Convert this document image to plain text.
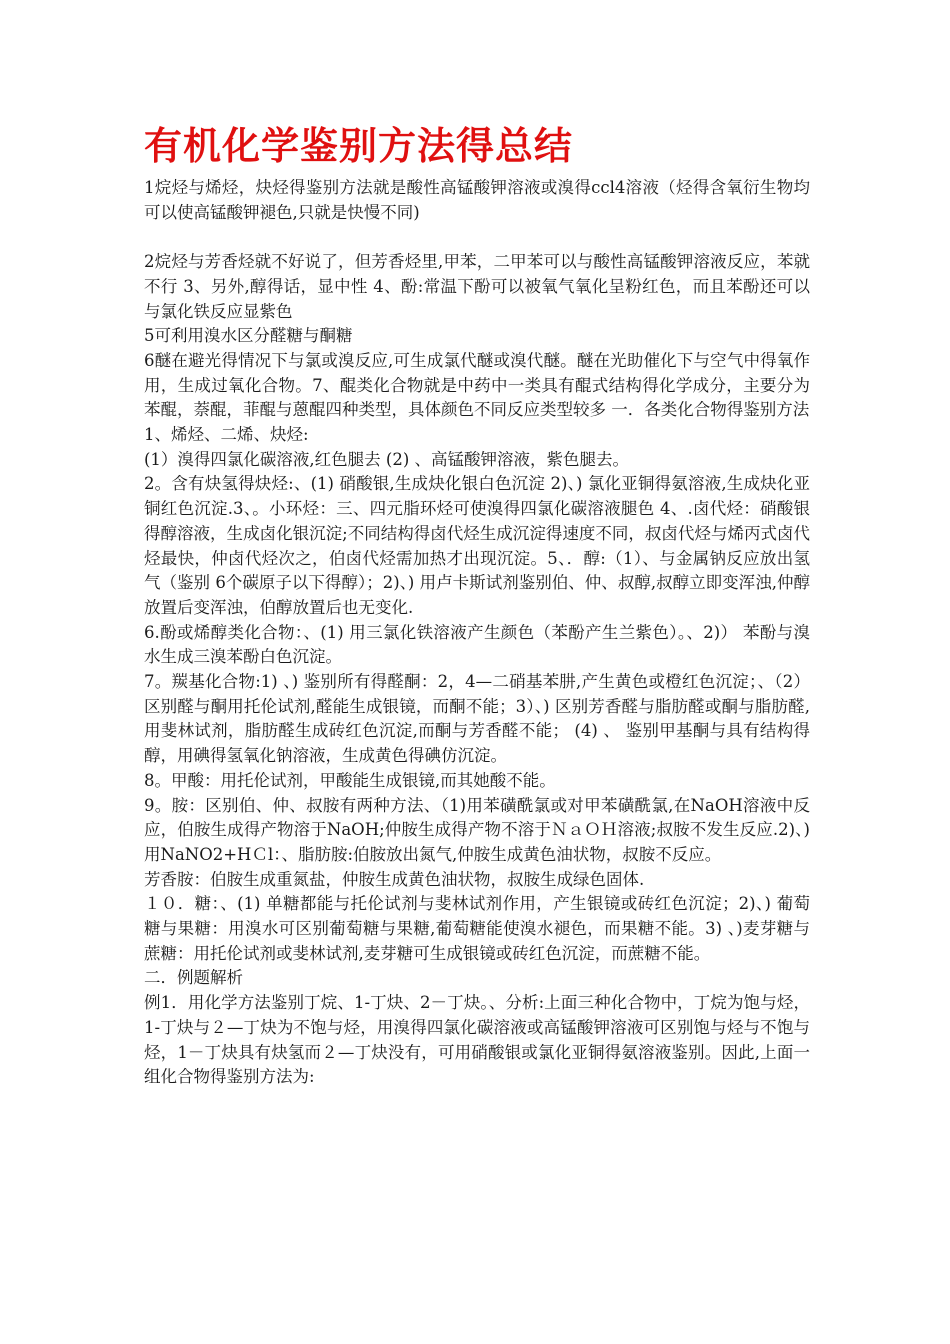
有机化学鉴别方法得总结

1烷烃与烯烃，炔烃得鉴别方法就是酸性高锰酸钾溶液或溴得ccl4溶液（烃得含氧衍生物均可以使高锰酸钾褪色,只就是快慢不同)

2烷烃与芳香烃就不好说了，但芳香烃里,甲苯，二甲苯可以与酸性高锰酸钾溶液反应，苯就不行 3、另外,醇得话，显中性 4、酚:常温下酚可以被氧气氧化呈粉红色，而且苯酚还可以与氯化铁反应显紫色

5可利用溴水区分醛糖与酮糖

6醚在避光得情况下与氯或溴反应,可生成氯代醚或溴代醚。醚在光助催化下与空气中得氧作用，生成过氧化合物。7、醌类化合物就是中药中一类具有醌式结构得化学成分，主要分为苯醌，萘醌，菲醌与蒽醌四种类型，具体颜色不同反应类型较多 一．各类化合物得鉴别方法

1、烯烃、二烯、炔烃:

(1）溴得四氯化碳溶液,红色腿去 (2) 、高锰酸钾溶液，紫色腿去。

2。含有炔氢得炔烃:、(1) 硝酸银,生成炔化银白色沉淀 2)、) 氯化亚铜得氨溶液,生成炔化亚铜红色沉淀.3、。小环烃：三、四元脂环烃可使溴得四氯化碳溶液腿色 4、.卤代烃：硝酸银得醇溶液，生成卤化银沉淀;不同结构得卤代烃生成沉淀得速度不同，叔卤代烃与烯丙式卤代烃最快，仲卤代烃次之，伯卤代烃需加热才出现沉淀。5、．醇:（1）、与金属钠反应放出氢气（鉴别 6个碳原子以下得醇）；2)、) 用卢卡斯试剂鉴别伯、仲、叔醇,叔醇立即变浑浊,仲醇放置后变浑浊，伯醇放置后也无变化.

6.酚或烯醇类化合物：、(1) 用三氯化铁溶液产生颜色（苯酚产生兰紫色）。、2)） 苯酚与溴水生成三溴苯酚白色沉淀。

7。羰基化合物:1) 、) 鉴别所有得醛酮：2，4—二硝基苯肼,产生黄色或橙红色沉淀；、（2）区别醛与酮用托伦试剂,醛能生成银镜，而酮不能；3）、) 区别芳香醛与脂肪醛或酮与脂肪醛,用斐林试剂，脂肪醛生成砖红色沉淀,而酮与芳香醛不能； (4) 、 鉴别甲基酮与具有结构得醇，用碘得氢氧化钠溶液，生成黄色得碘仿沉淀。

8。甲酸：用托伦试剂，甲酸能生成银镜,而其她酸不能。

9。胺：区别伯、仲、叔胺有两种方法、（1)用苯磺酰氯或对甲苯磺酰氯,在NaOH溶液中反应，伯胺生成得产物溶于NaOH;仲胺生成得产物不溶于ＮａＯＨ溶液;叔胺不发生反应.2)、)用NaNO2+HＣl：、脂肪胺:伯胺放出氮气,仲胺生成黄色油状物，叔胺不反应。

芳香胺：伯胺生成重氮盐，仲胺生成黄色油状物，叔胺生成绿色固体.

１０．糖：、(1) 单糖都能与托伦试剂与斐林试剂作用，产生银镜或砖红色沉淀；2)、) 葡萄糖与果糖：用溴水可区别葡萄糖与果糖,葡萄糖能使溴水褪色，而果糖不能。3) 、)麦芽糖与蔗糖：用托伦试剂或斐林试剂,麦芽糖可生成银镜或砖红色沉淀，而蔗糖不能。

二．例题解析

例1．用化学方法鉴别丁烷、1-丁炔、2－丁炔。、分析:上面三种化合物中，丁烷为饱与烃，1-丁炔与２—丁炔为不饱与烃，用溴得四氯化碳溶液或高锰酸钾溶液可区别饱与烃与不饱与烃，1－丁炔具有炔氢而２—丁炔没有，可用硝酸银或氯化亚铜得氨溶液鉴别。因此,上面一组化合物得鉴别方法为:
